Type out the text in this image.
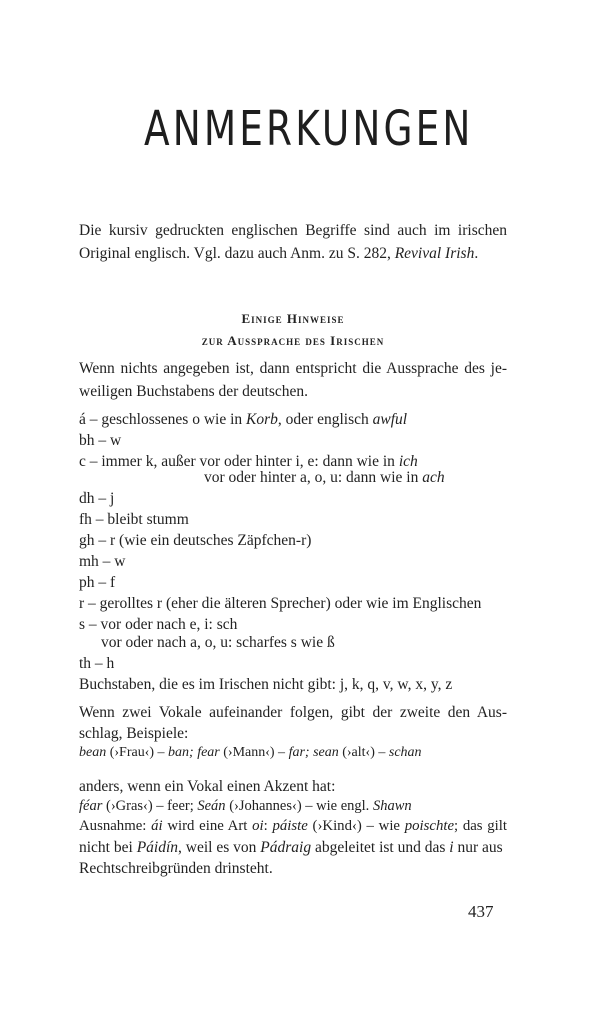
ANMERKUNGEN
Die kursiv gedruckten englischen Begriffe sind auch im irischen
Original englisch. Vgl. dazu auch Anm. zu S. 282, Revival Irish.
Einige Hinweise
zur Aussprache des Irischen
Wenn nichts angegeben ist, dann entspricht die Aussprache des je-
weiligen Buchstabens der deutschen.
á – geschlossenes o wie in Korb, oder englisch awful
bh – w
c – immer k, außer vor oder hinter i, e: dann wie in ich
vor oder hinter a, o, u: dann wie in ach
dh – j
fh – bleibt stumm
gh – r (wie ein deutsches Zäpfchen-r)
mh – w
ph – f
r – gerolltes r (eher die älteren Sprecher) oder wie im Englischen
s – vor oder nach e, i: sch
vor oder nach a, o, u: scharfes s wie ß
th – h
Buchstaben, die es im Irischen nicht gibt: j, k, q, v, w, x, y, z
Wenn zwei Vokale aufeinander folgen, gibt der zweite den Aus-
schlag, Beispiele:
bean (›Frau‹) – ban; fear (›Mann‹) – far; sean (›alt‹) – schan
anders, wenn ein Vokal einen Akzent hat:
féar (›Gras‹) – feer; Seán (›Johannes‹) – wie engl. Shawn
Ausnahme: ái wird eine Art oi: páiste (›Kind‹) – wie poischte; das gilt
nicht bei Páidín, weil es von Pádraig abgeleitet ist und das i nur aus
Rechtschreibgründen drinsteht.
437
